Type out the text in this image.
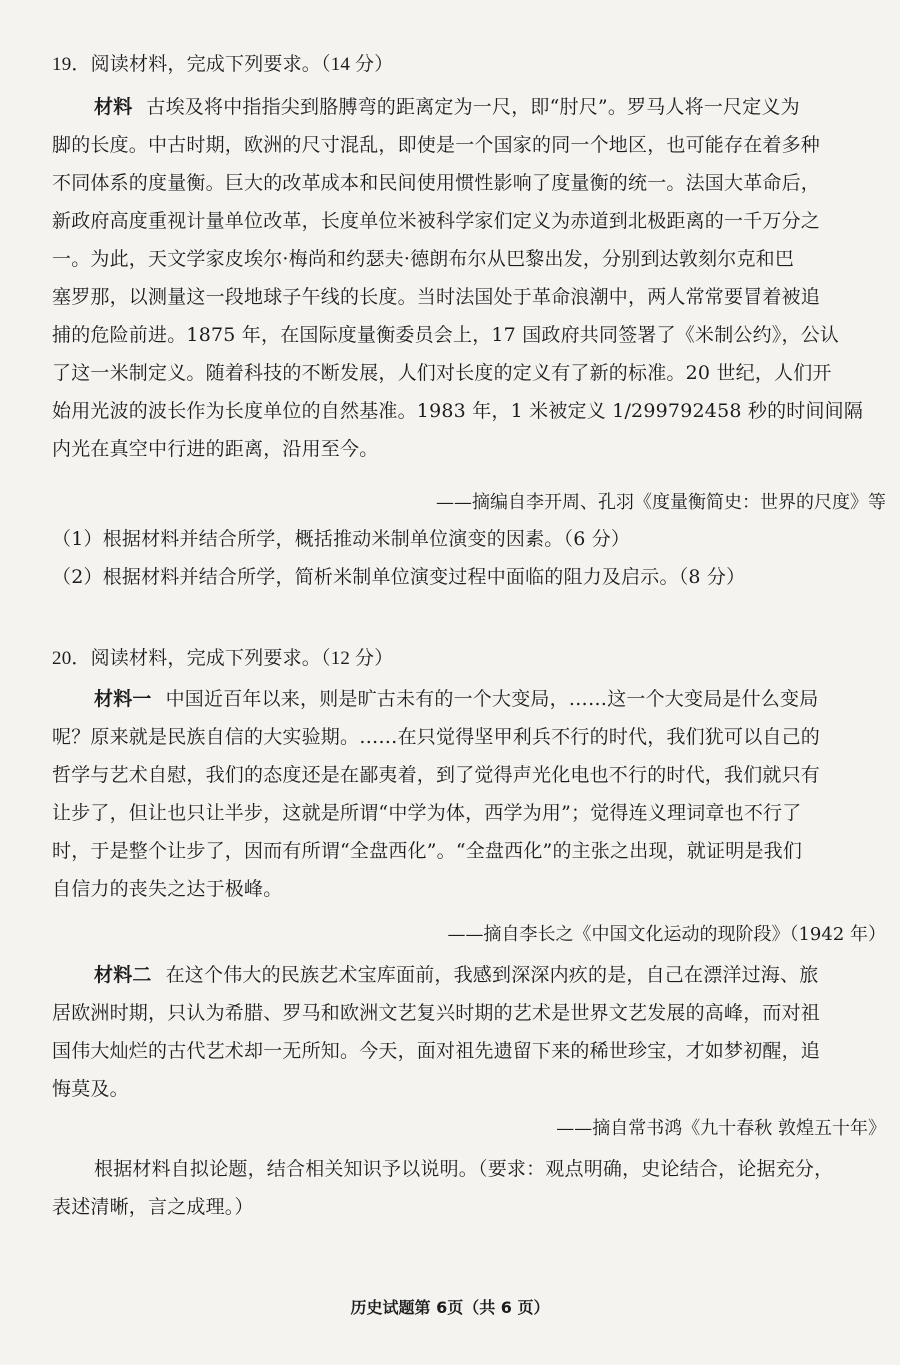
19．阅读材料，完成下列要求。（14 分）
材料 古埃及将中指指尖到胳膊弯的距离定为一尺，即“肘尺”。罗马人将一尺定义为
脚的长度。中古时期，欧洲的尺寸混乱，即使是一个国家的同一个地区，也可能存在着多种
不同体系的度量衡。巨大的改革成本和民间使用惯性影响了度量衡的统一。法国大革命后，
新政府高度重视计量单位改革，长度单位米被科学家们定义为赤道到北极距离的一千万分之
一。为此，天文学家皮埃尔·梅尚和约瑟夫·德朗布尔从巴黎出发，分别到达敦刻尔克和巴
塞罗那，以测量这一段地球子午线的长度。当时法国处于革命浪潮中，两人常常要冒着被追
捕的危险前进。1875 年，在国际度量衡委员会上，17 国政府共同签署了《米制公约》，公认
了这一米制定义。随着科技的不断发展，人们对长度的定义有了新的标准。20 世纪，人们开
始用光波的波长作为长度单位的自然基准。1983 年，1 米被定义 1/299792458 秒的时间间隔
内光在真空中行进的距离，沿用至今。
——摘编自李开周、孔羽《度量衡简史：世界的尺度》等
（1）根据材料并结合所学，概括推动米制单位演变的因素。（6 分）
（2）根据材料并结合所学，简析米制单位演变过程中面临的阻力及启示。（8 分）
20．阅读材料，完成下列要求。（12 分）
材料一 中国近百年以来，则是旷古未有的一个大变局，……这一个大变局是什么变局
呢？原来就是民族自信的大实验期。……在只觉得坚甲利兵不行的时代，我们犹可以自己的
哲学与艺术自慰，我们的态度还是在鄙夷着，到了觉得声光化电也不行的时代，我们就只有
让步了，但让也只让半步，这就是所谓“中学为体，西学为用”；觉得连义理词章也不行了
时，于是整个让步了，因而有所谓“全盘西化”。“全盘西化”的主张之出现，就证明是我们
自信力的丧失之达于极峰。
——摘自李长之《中国文化运动的现阶段》（1942 年）
材料二 在这个伟大的民族艺术宝库面前，我感到深深内疚的是，自己在漂洋过海、旅
居欧洲时期，只认为希腊、罗马和欧洲文艺复兴时期的艺术是世界文艺发展的高峰，而对祖
国伟大灿烂的古代艺术却一无所知。今天，面对祖先遗留下来的稀世珍宝，才如梦初醒，追
悔莫及。
——摘自常书鸿《九十春秋 敦煌五十年》
根据材料自拟论题，结合相关知识予以说明。（要求：观点明确，史论结合，论据充分，
表述清晰，言之成理。）
历史试题第 6页（共 6 页）
